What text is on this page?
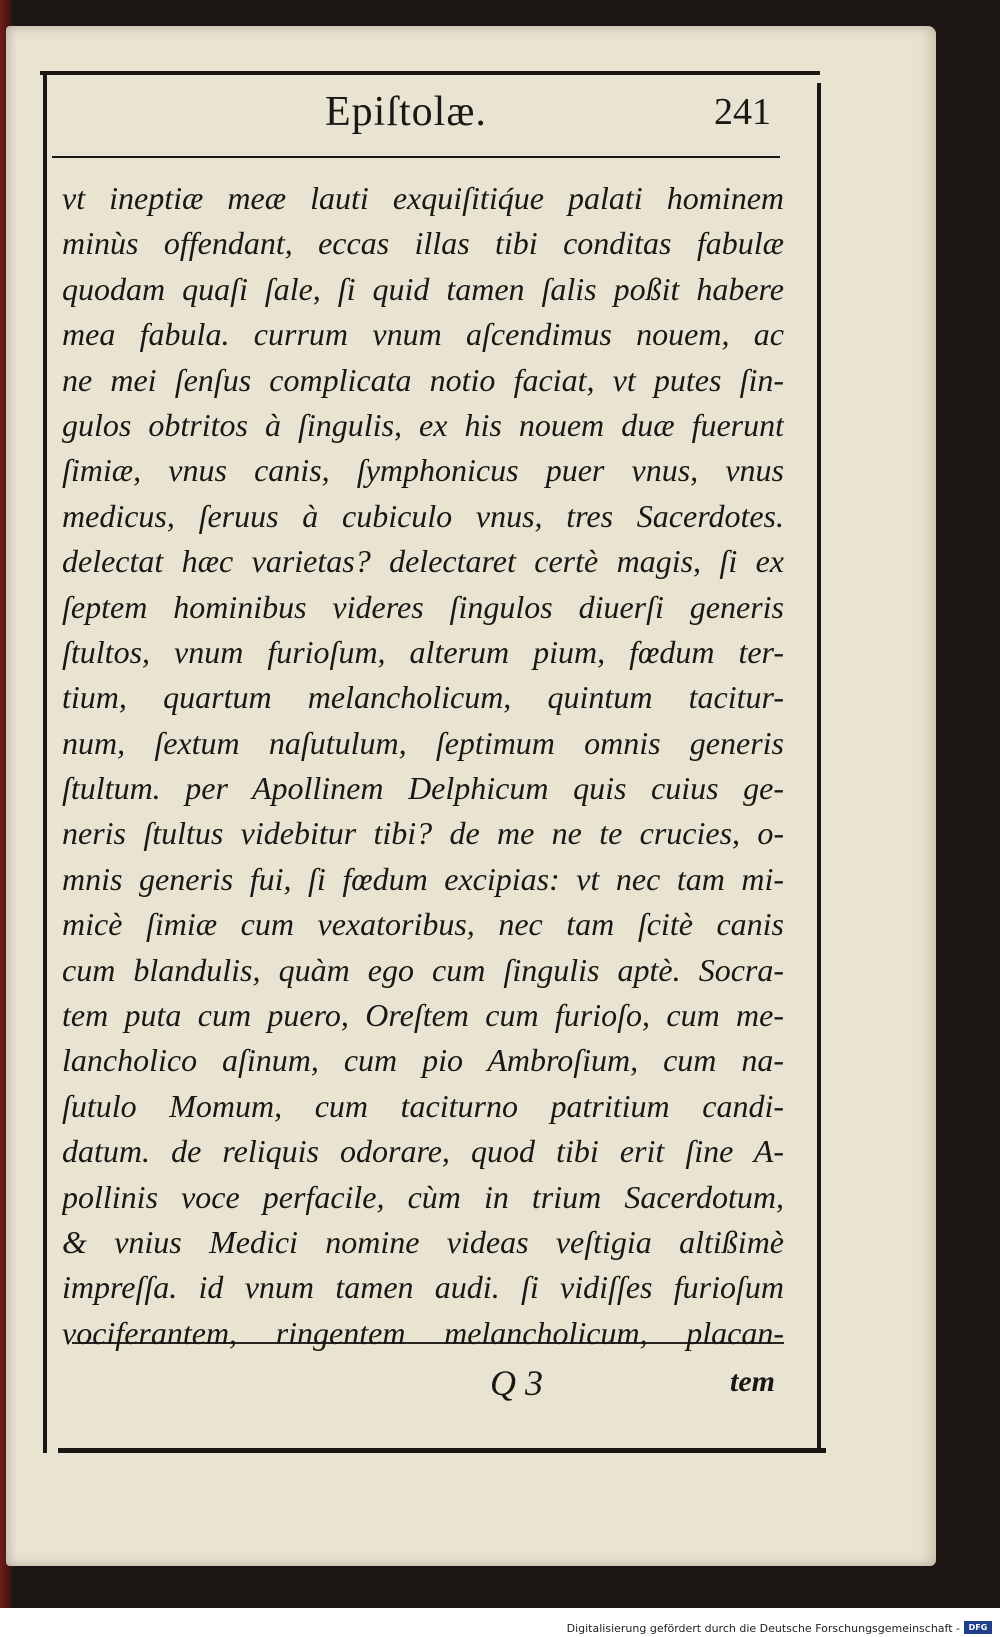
Epiſtolæ.	241
vt ineptiæ meæ lauti exquiſitiq́ue palati hominem
minùs offendant, eccas illas tibi conditas fabulæ
quodam quaſi ſale, ſi quid tamen ſalis poßit habere
mea fabula. currum vnum aſcendimus nouem, ac
ne mei ſenſus complicata notio faciat, vt putes ſin-
gulos obtritos à ſingulis, ex his nouem duæ fuerunt
ſimiæ, vnus canis, ſymphonicus puer vnus, vnus
medicus, ſeruus à cubiculo vnus, tres Sacerdotes.
delectat hæc varietas? delectaret certè magis, ſi ex
ſeptem hominibus videres ſingulos diuerſi generis
ſtultos, vnum furioſum, alterum pium, fœdum ter-
tium, quartum melancholicum, quintum tacitur-
num, ſextum naſutulum, ſeptimum omnis generis
ſtultum. per Apollinem Delphicum quis cuius ge-
neris ſtultus videbitur tibi? de me ne te crucies, o-
mnis generis fui, ſi fœdum excipias: vt nec tam mi-
micè ſimiæ cum vexatoribus, nec tam ſcitè canis
cum blandulis, quàm ego cum ſingulis aptè. Socra-
tem puta cum puero, Oreſtem cum furioſo, cum me-
lancholico aſinum, cum pio Ambroſium, cum na-
ſutulo Momum, cum taciturno patritium candi-
datum. de reliquis odorare, quod tibi erit ſine A-
pollinis voce perfacile, cùm in trium Sacerdotum,
& vnius Medici nomine videas veſtigia altißimè
impreſſa. id vnum tamen audi. ſi vidiſſes furioſum
vociferantem, ringentem melancholicum, placan-
Q 3	tem
Digitalisierung gefördert durch die Deutsche Forschungsgemeinschaft -	DFG
